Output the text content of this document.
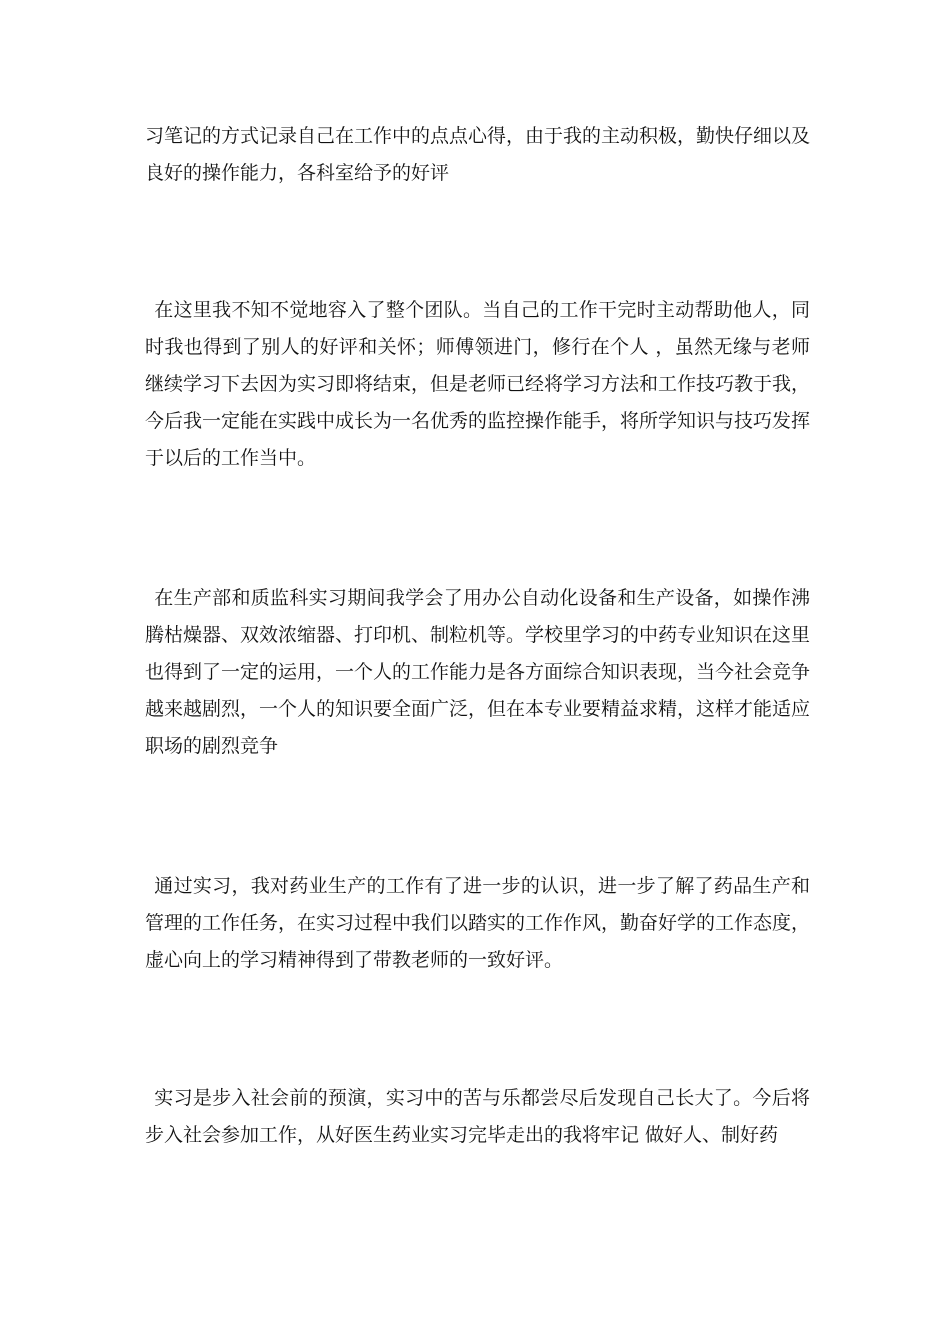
习笔记的方式记录自己在工作中的点点心得，由于我的主动积极，勤快仔细以及良好的操作能力，各科室给予的好评

在这里我不知不觉地容入了整个团队。当自己的工作干完时主动帮助他人，同时我也得到了别人的好评和关怀；师傅领进门，修行在个人 ，虽然无缘与老师继续学习下去因为实习即将结束，但是老师已经将学习方法和工作技巧教于我，今后我一定能在实践中成长为一名优秀的监控操作能手，将所学知识与技巧发挥于以后的工作当中。

在生产部和质监科实习期间我学会了用办公自动化设备和生产设备，如操作沸腾枯燥器、双效浓缩器、打印机、制粒机等。学校里学习的中药专业知识在这里也得到了一定的运用，一个人的工作能力是各方面综合知识表现，当今社会竞争越来越剧烈，一个人的知识要全面广泛，但在本专业要精益求精，这样才能适应职场的剧烈竞争

通过实习，我对药业生产的工作有了进一步的认识，进一步了解了药品生产和管理的工作任务，在实习过程中我们以踏实的工作作风，勤奋好学的工作态度，虚心向上的学习精神得到了带教老师的一致好评。

实习是步入社会前的预演，实习中的苦与乐都尝尽后发现自己长大了。今后将步入社会参加工作，从好医生药业实习完毕走出的我将牢记 做好人、制好药
